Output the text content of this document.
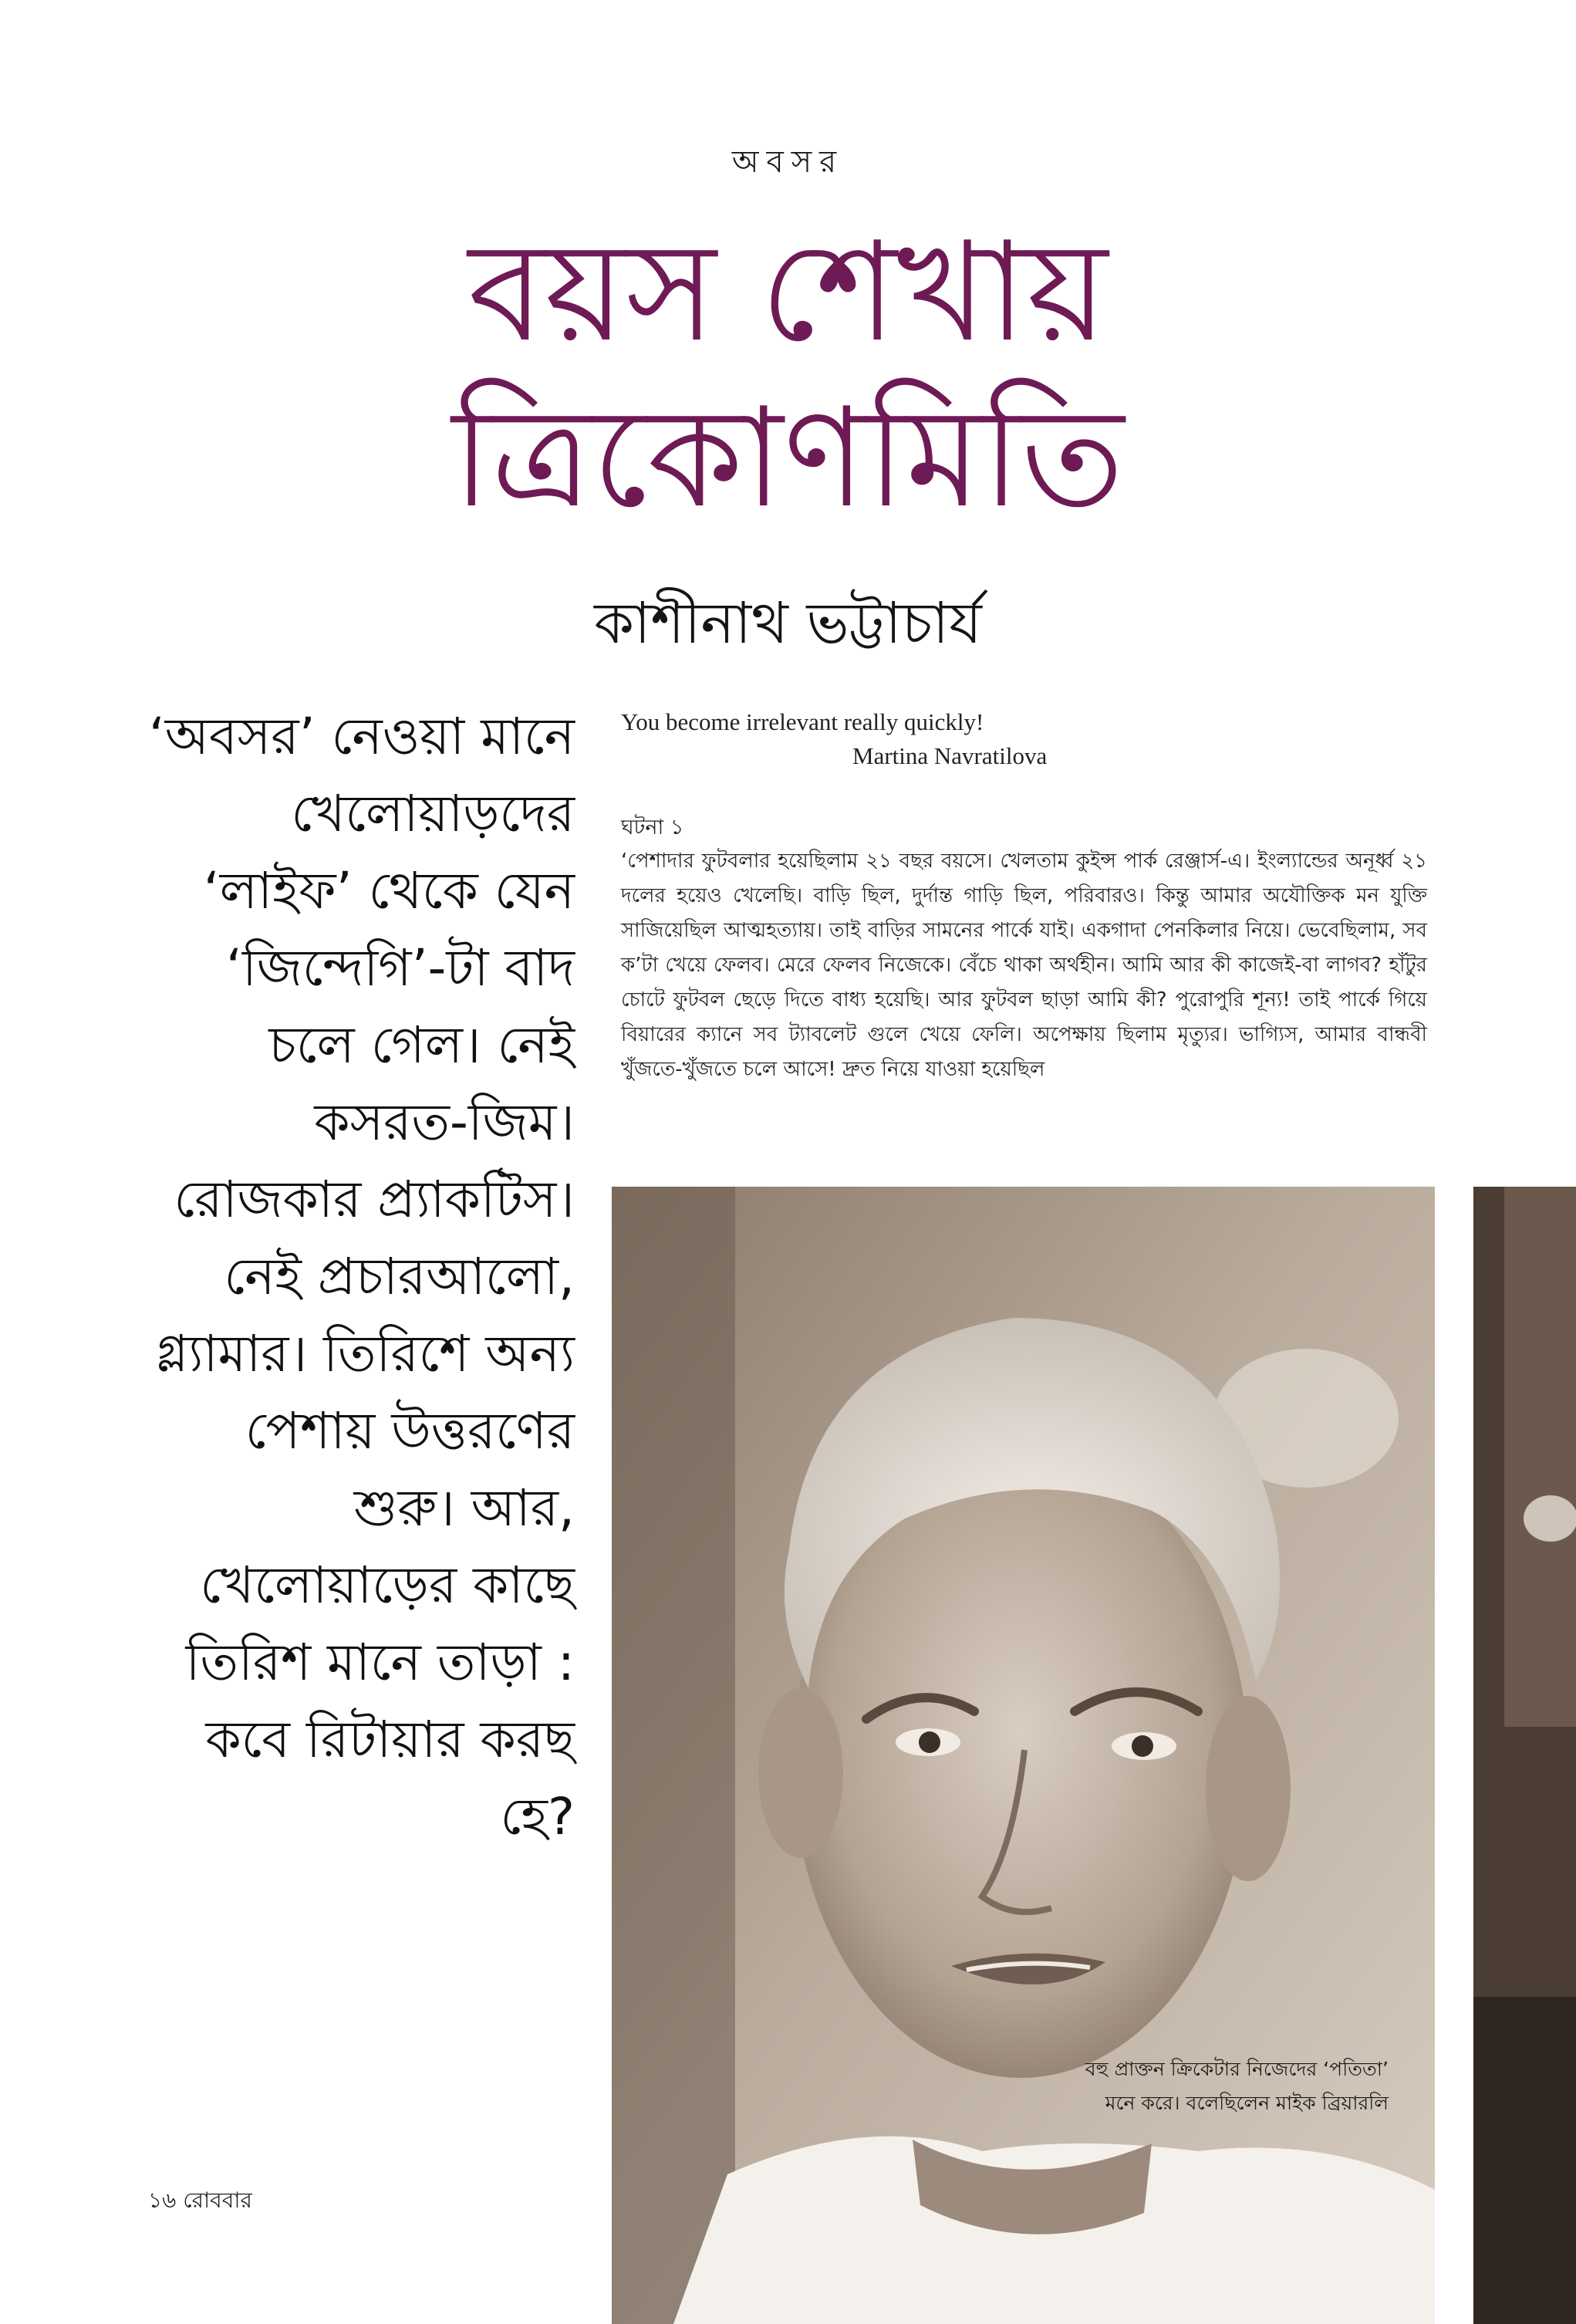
অবসর
বয়স শেখায়
ত্রিকোণমিতি
কাশীনাথ ভট্টাচার্য

‘অবসর’ নেওয়া মানে খেলোয়াড়দের ‘লাইফ’ থেকে যেন ‘জিন্দেগি’-টা বাদ চলে গেল। নেই কসরত-জিম। রোজকার প্র্যাকটিস। নেই প্রচারআলো, গ্ল্যামার। তিরিশে অন্য পেশায় উত্তরণের শুরু। আর, খেলোয়াড়ের কাছে তিরিশ মানে তাড়া : কবে রিটায়ার করছ হে?

You become irrelevant really quickly!
Martina Navratilova
ঘটনা ১

‘পেশাদার ফুটবলার হয়েছিলাম ২১ বছর বয়সে। খেলতাম কুইন্স পার্ক রেঞ্জার্স-এ। ইংল্যান্ডের অনূর্ধ্ব ২১ দলের হয়েও খেলেছি। বাড়ি ছিল, দুর্দান্ত গাড়ি ছিল, পরিবারও। কিন্তু আমার অযৌক্তিক মন যুক্তি সাজিয়েছিল আত্মহত্যায়। তাই বাড়ির সামনের পার্কে যাই। একগাদা পেনকিলার নিয়ে। ভেবেছিলাম, সব ক’টা খেয়ে ফেলব। মেরে ফেলব নিজেকে। বেঁচে থাকা অর্থহীন। আমি আর কী কাজেই-বা লাগব? হাঁটুর চোটে ফুটবল ছেড়ে দিতে বাধ্য হয়েছি। আর ফুটবল ছাড়া আমি কী? পুরোপুরি শূন্য! তাই পার্কে গিয়ে বিয়ারের ক্যানে সব ট্যাবলেট গুলে খেয়ে ফেলি। অপেক্ষায় ছিলাম মৃত্যুর। ভাগ্যিস, আমার বান্ধবী খুঁজতে-খুঁজতে চলে আসে! দ্রুত নিয়ে যাওয়া হয়েছিল

বহু প্রাক্তন ক্রিকেটার নিজেদের ‘পতিতা’
মনে করে। বলেছিলেন মাইক ব্রিয়ারলি
১৬ রোববার
